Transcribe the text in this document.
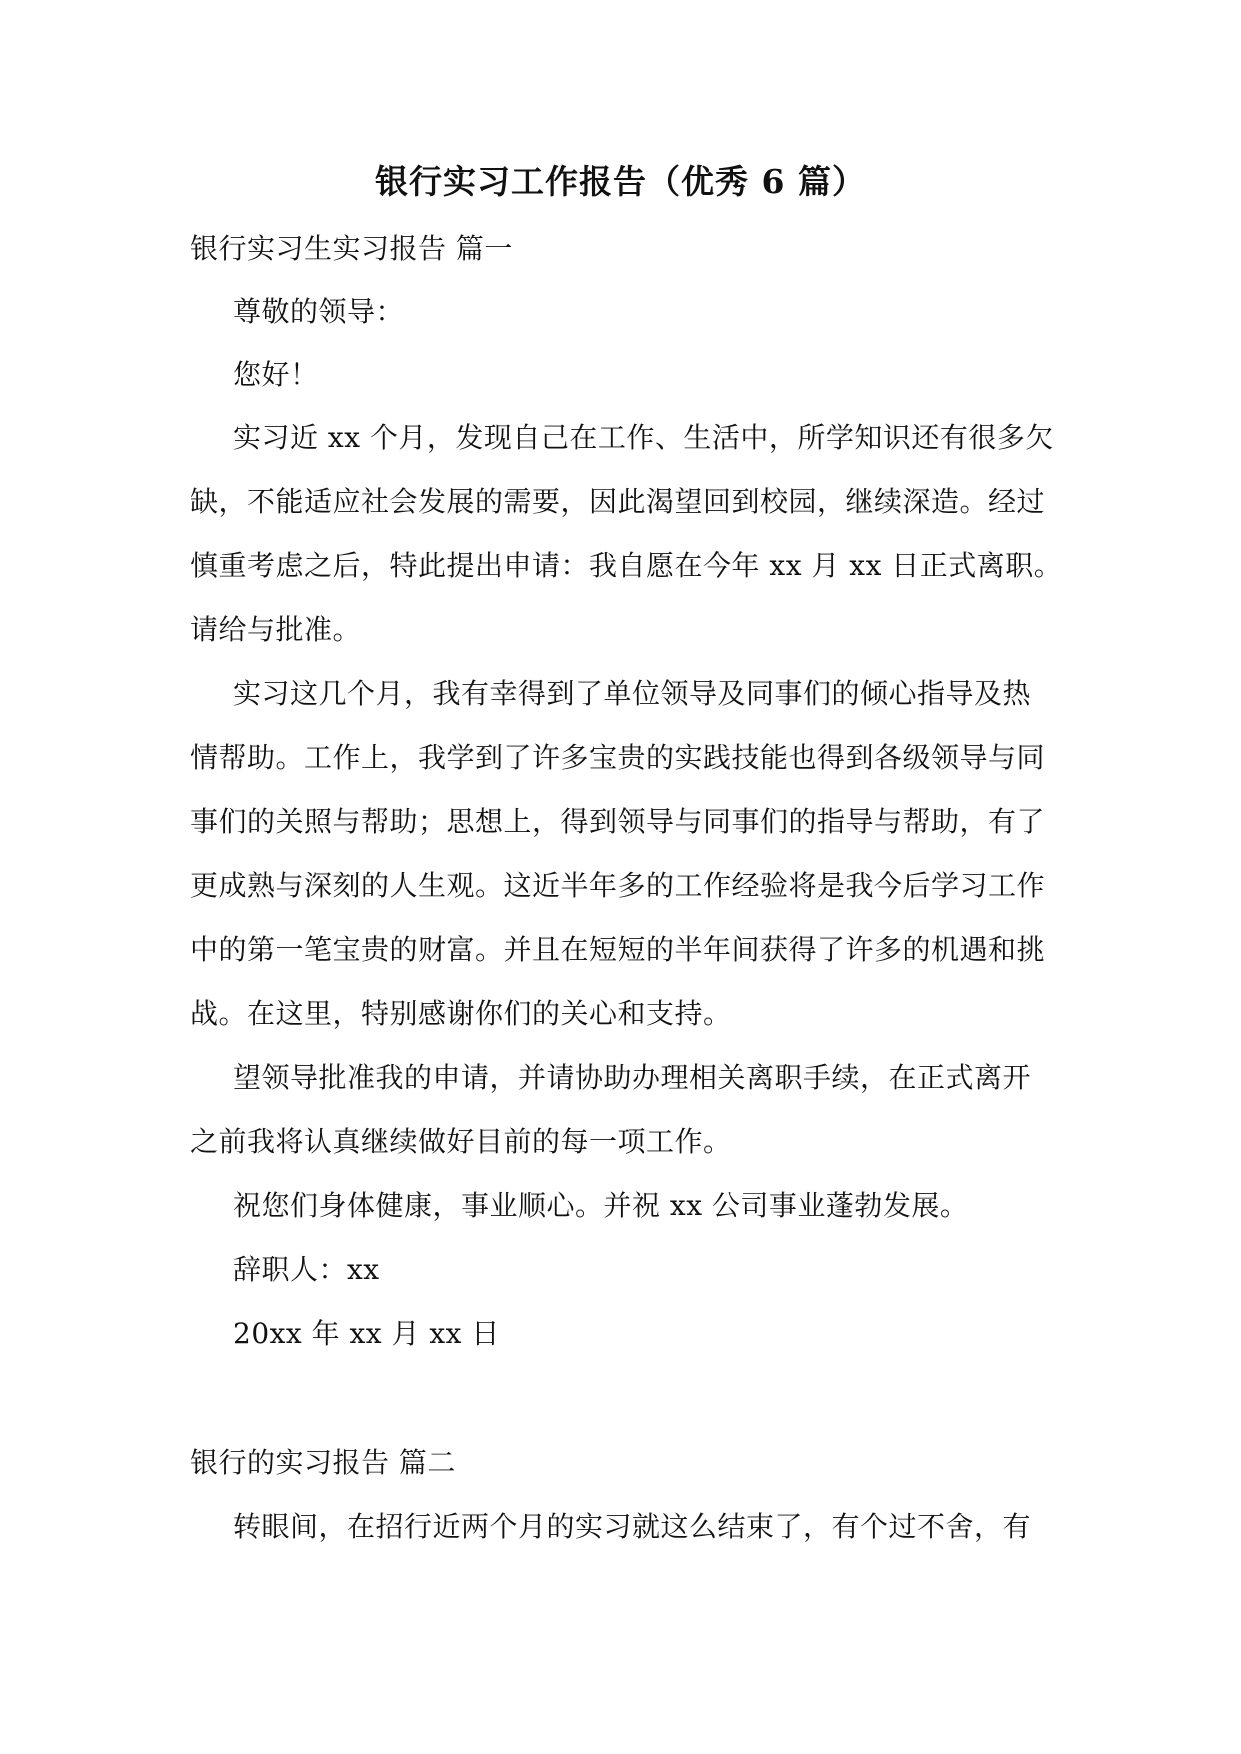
银行实习工作报告（优秀 6 篇）
银行实习生实习报告 篇一
尊敬的领导：
您好！
实习近 xx 个月，发现自己在工作、生活中，所学知识还有很多欠
缺，不能适应社会发展的需要，因此渴望回到校园，继续深造。经过
慎重考虑之后，特此提出申请：我自愿在今年 xx 月 xx 日正式离职。
请给与批准。
实习这几个月，我有幸得到了单位领导及同事们的倾心指导及热
情帮助。工作上，我学到了许多宝贵的实践技能也得到各级领导与同
事们的关照与帮助；思想上，得到领导与同事们的指导与帮助，有了
更成熟与深刻的人生观。这近半年多的工作经验将是我今后学习工作
中的第一笔宝贵的财富。并且在短短的半年间获得了许多的机遇和挑
战。在这里，特别感谢你们的关心和支持。
望领导批准我的申请，并请协助办理相关离职手续，在正式离开
之前我将认真继续做好目前的每一项工作。
祝您们身体健康，事业顺心。并祝 xx 公司事业蓬勃发展。
辞职人：xx
20xx 年 xx 月 xx 日
银行的实习报告 篇二
转眼间，在招行近两个月的实习就这么结束了，有个过不舍，有
